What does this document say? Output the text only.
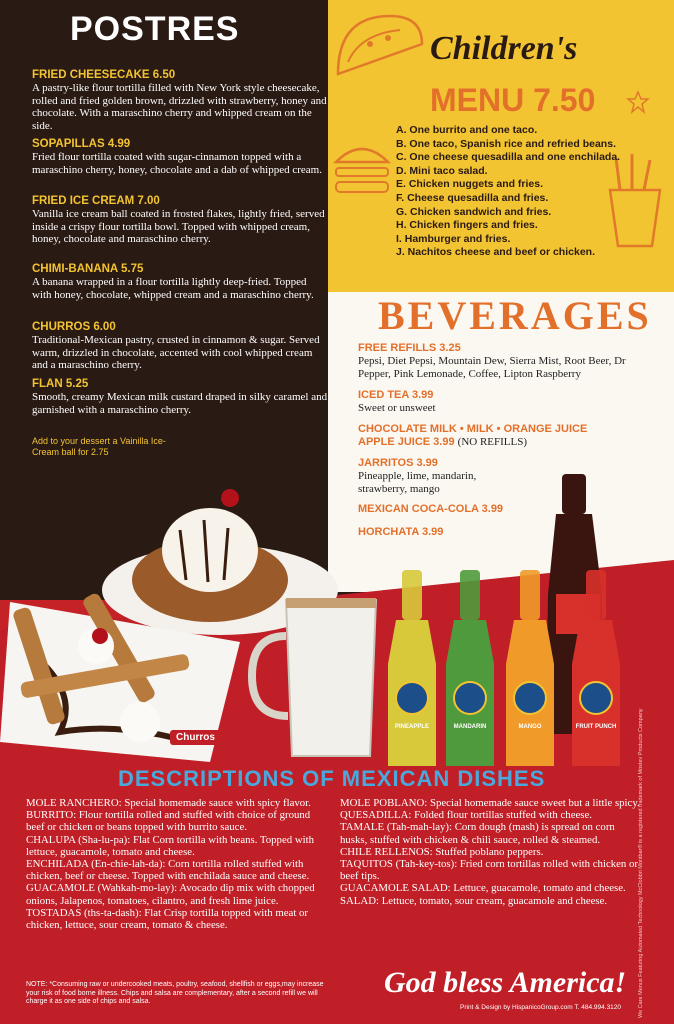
POSTRES
FRIED CHEESECAKE 6.50
A pastry-like flour tortilla filled with New York style cheesecake, rolled and fried golden brown, drizzled with strawberry, honey and chocolate. With a maraschino cherry and whipped cream on the side.
SOPAPILLAS 4.99
Fried flour tortilla coated with sugar-cinnamon topped with a maraschino cherry, honey, chocolate and a dab of whipped cream.
FRIED ICE CREAM 7.00
Vanilla ice cream ball coated in frosted flakes, lightly fried, served inside a crispy flour tortilla bowl. Topped with whipped cream, honey, chocolate and maraschino cherry.
CHIMI-BANANA 5.75
A banana wrapped in a flour tortilla lightly deep-fried. Topped with honey, chocolate, whipped cream and a maraschino cherry.
CHURROS 6.00
Traditional-Mexican pastry, crusted in cinnamon & sugar. Served warm, drizzled in chocolate, accented with cool whipped cream and a maraschino cherry.
FLAN 5.25
Smooth, creamy Mexican milk custard draped in silky caramel and garnished with a maraschino cherry.
Add to your dessert a Vainilla Ice-Cream ball for 2.75
Children's
MENU 7.50
A. One burrito and one taco.
B. One taco, Spanish rice and refried beans.
C. One cheese quesadilla and one enchilada.
D. Mini taco salad.
E. Chicken nuggets and fries.
F. Cheese quesadilla and fries.
G. Chicken sandwich and fries.
H. Chicken fingers and fries.
I. Hamburger and fries.
J. Nachitos cheese and beef or chicken.
BEVERAGES
FREE REFILLS 3.25
Pepsi, Diet Pepsi, Mountain Dew, Sierra Mist, Root Beer, Dr Pepper, Pink Lemonade, Coffee, Lipton Raspberry
ICED TEA 3.99
Sweet or unsweet
CHOCOLATE MILK • MILK • ORANGE JUICE
APPLE JUICE 3.99 (NO REFILLS)
JARRITOS 3.99
Pineapple, lime, mandarin, strawberry, mango
MEXICAN COCA-COLA 3.99
HORCHATA 3.99
Churros
PINEAPPLE	MANDARIN	MANGO	FRUIT PUNCH
DESCRIPTIONS OF MEXICAN DISHES
MOLE RANCHERO: Special homemade sauce with spicy flavor.
BURRITO: Flour tortilla rolled and stuffed with choice of ground beef or chicken or beans topped with burrito sauce.
CHALUPA (Sha-lu-pa): Flat Corn tortilla with beans. Topped with lettuce, guacamole, tomato and cheese.
ENCHILADA (En-chie-lah-da): Corn tortilla rolled stuffed with chicken, beef or cheese. Topped with enchilada sauce and cheese.
GUACAMOLE (Wahkah-mo-lay): Avocado dip mix with chopped onions, Jalapenos, tomatoes, cilantro, and fresh lime juice.
TOSTADAS (ths-ta-dash): Flat Crisp tortilla topped with meat or chicken, lettuce, sour cream, tomato & cheese.
MOLE POBLANO: Special homemade sauce sweet but a little spicy.
QUESADILLA: Folded flour tortillas stuffed with cheese.
TAMALE (Tah-mah-lay): Corn dough (mash) is spread on corn husks, stuffed with chicken & chili sauce, rolled & steamed.
CHILE RELLENOS: Stuffed poblano peppers.
TAQUITOS (Tah-key-tos): Fried corn tortillas rolled with chicken or beef tips.
GUACAMOLE SALAD: Lettuce, guacamole, tomato and cheese.
SALAD: Lettuce, tomato, sour cream, guacamole and cheese.
NOTE: *Consuming raw or undercooked meats, poultry, seafood, shellfish or eggs,may increase your risk of food borne illness. Chips and salsa are complementary, after a second refill we will charge it as one side of chips and salsa.
God bless America!
Print & Design by HispanicoGroup.com T. 484.994.3120	We Care Menus Featuring Automated Technology McClobbri Montbar® is a registered trademark of Mostev Products Company
